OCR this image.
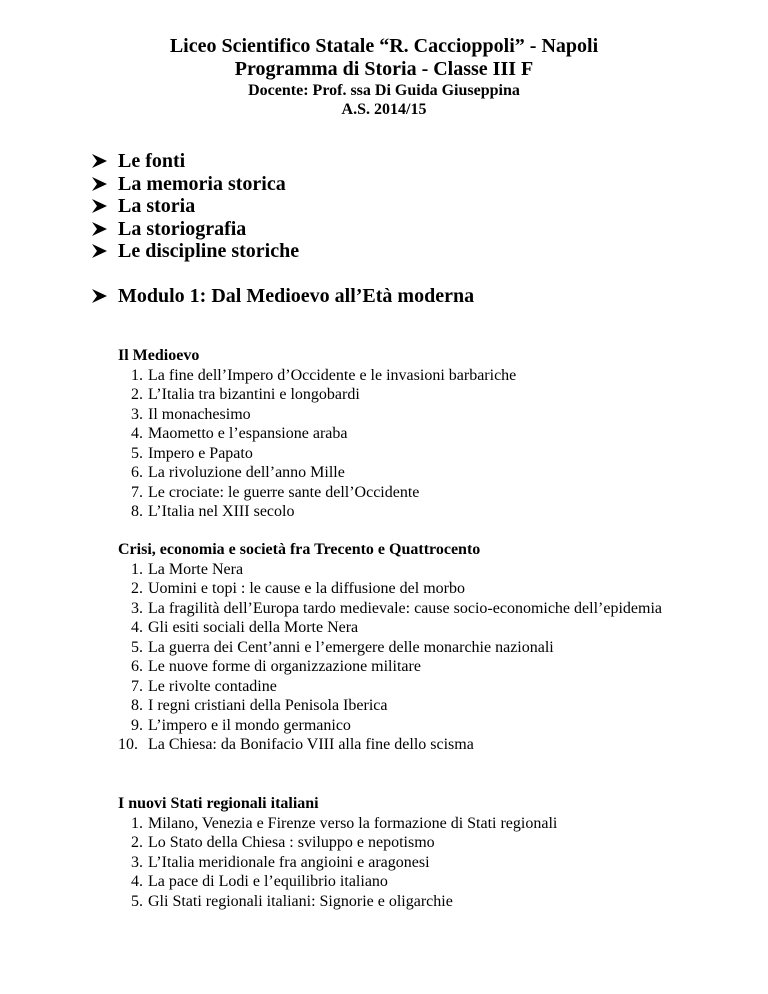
Liceo Scientifico Statale “R. Caccioppoli” - Napoli
Programma di Storia - Classe III F
Docente: Prof. ssa Di Guida Giuseppina
A.S. 2014/15
Le fonti
La memoria storica
La storia
La storiografia
Le discipline storiche
Modulo 1: Dal Medioevo all’Età moderna
Il Medioevo
1. La fine dell’Impero d’Occidente e le invasioni barbariche
2. L’Italia tra bizantini e longobardi
3. Il monachesimo
4. Maometto e l’espansione araba
5. Impero e Papato
6. La rivoluzione dell’anno Mille
7. Le crociate: le guerre sante dell’Occidente
8. L’Italia nel XIII secolo
Crisi, economia e società fra Trecento e Quattrocento
1. La Morte Nera
2. Uomini e topi : le cause e la diffusione del morbo
3. La fragilità dell’Europa tardo medievale: cause socio-economiche dell’epidemia
4. Gli esiti sociali della Morte Nera
5. La guerra dei Cent’anni e l’emergere delle monarchie nazionali
6. Le nuove forme di organizzazione militare
7. Le rivolte contadine
8. I regni cristiani della Penisola Iberica
9. L’impero e il mondo germanico
10. La Chiesa: da Bonifacio VIII alla fine dello scisma
I nuovi Stati regionali italiani
1. Milano, Venezia e Firenze verso la formazione di Stati regionali
2. Lo Stato della Chiesa : sviluppo e nepotismo
3. L’Italia meridionale fra angioini e aragonesi
4. La pace di Lodi e l’equilibrio italiano
5. Gli Stati regionali italiani: Signorie e oligarchie
